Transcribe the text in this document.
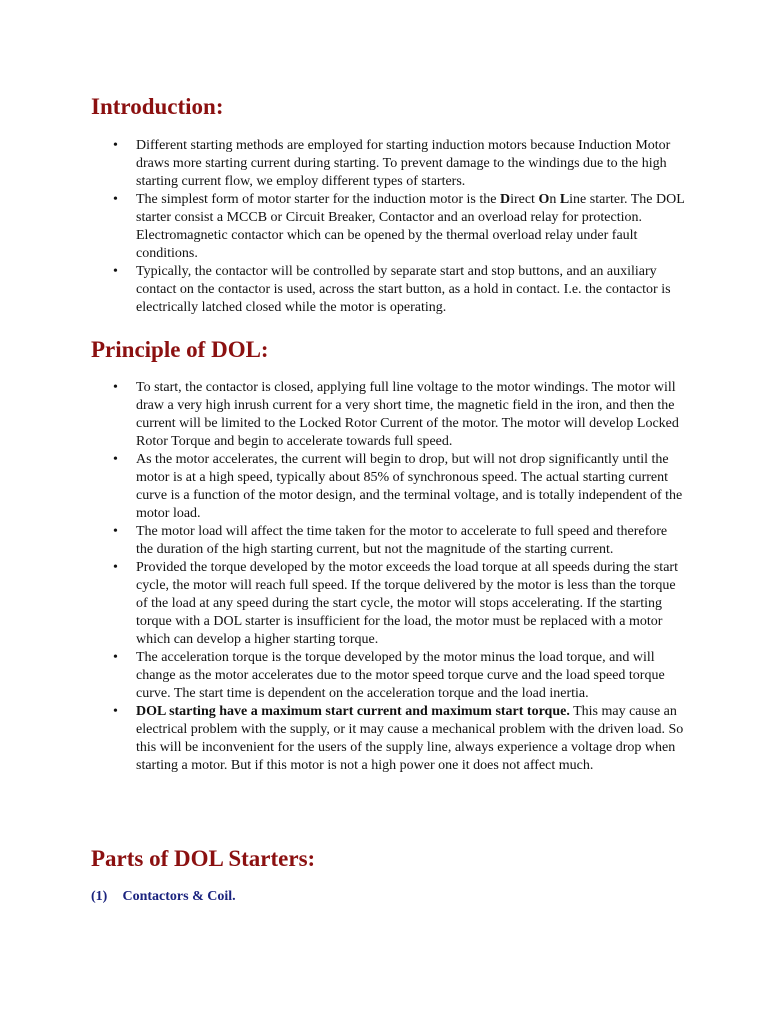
Introduction:
• Different starting methods are employed for starting induction motors because Induction Motor draws more starting current during starting. To prevent damage to the windings due to the high starting current flow, we employ different types of starters.
• The simplest form of motor starter for the induction motor is the Direct On Line starter. The DOL starter consist a MCCB or Circuit Breaker, Contactor and an overload relay for protection. Electromagnetic contactor which can be opened by the thermal overload relay under fault conditions.
• Typically, the contactor will be controlled by separate start and stop buttons, and an auxiliary contact on the contactor is used, across the start button, as a hold in contact. I.e. the contactor is electrically latched closed while the motor is operating.
Principle of DOL:
• To start, the contactor is closed, applying full line voltage to the motor windings. The motor will draw a very high inrush current for a very short time, the magnetic field in the iron, and then the current will be limited to the Locked Rotor Current of the motor. The motor will develop Locked Rotor Torque and begin to accelerate towards full speed.
• As the motor accelerates, the current will begin to drop, but will not drop significantly until the motor is at a high speed, typically about 85% of synchronous speed. The actual starting current curve is a function of the motor design, and the terminal voltage, and is totally independent of the motor load.
• The motor load will affect the time taken for the motor to accelerate to full speed and therefore the duration of the high starting current, but not the magnitude of the starting current.
• Provided the torque developed by the motor exceeds the load torque at all speeds during the start cycle, the motor will reach full speed. If the torque delivered by the motor is less than the torque of the load at any speed during the start cycle, the motor will stops accelerating. If the starting torque with a DOL starter is insufficient for the load, the motor must be replaced with a motor which can develop a higher starting torque.
• The acceleration torque is the torque developed by the motor minus the load torque, and will change as the motor accelerates due to the motor speed torque curve and the load speed torque curve. The start time is dependent on the acceleration torque and the load inertia.
• DOL starting have a maximum start current and maximum start torque. This may cause an electrical problem with the supply, or it may cause a mechanical problem with the driven load. So this will be inconvenient for the users of the supply line, always experience a voltage drop when starting a motor. But if this motor is not a high power one it does not affect much.
Parts of DOL Starters:

(1) Contactors & Coil.
